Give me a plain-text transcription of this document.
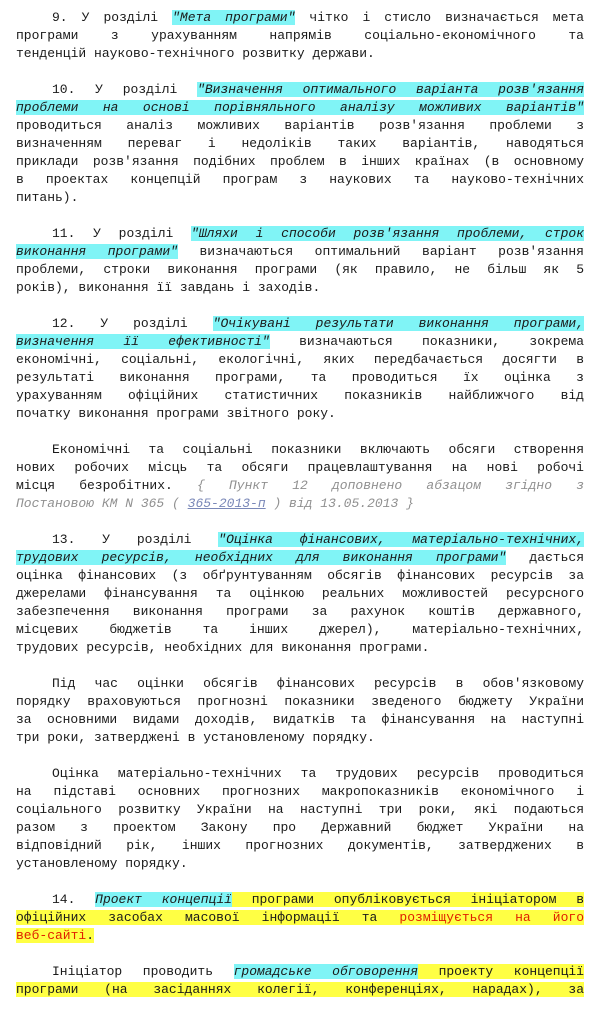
9. У розділі "Мета програми" чітко і стисло визначається мета
програми з урахуванням напрямів соціально-економічного та
тенденцій науково-технічного розвитку держави.
10. У розділі "Визначення оптимального варіанта розв'язання
проблеми на основі порівняльного аналізу можливих варіантів"
проводиться аналіз можливих варіантів розв'язання проблеми з
визначенням переваг і недоліків таких варіантів, наводяться
приклади розв'язання подібних проблем в інших країнах (в основному
в проектах концепцій програм з наукових та науково-технічних
питань).
11. У розділі "Шляхи і способи розв'язання проблеми, строк
виконання програми" визначаються оптимальний варіант розв'язання
проблеми, строки виконання програми (як правило, не більш як 5
років), виконання її завдань і заходів.
12. У розділі "Очікувані результати виконання програми,
визначення її ефективності" визначаються показники, зокрема
економічні, соціальні, екологічні, яких передбачається досягти в
результаті виконання програми, та проводиться їх оцінка з
урахуванням офіційних статистичних показників найближчого від
початку виконання програми звітного року.
Економічні та соціальні показники включають обсяги створення
нових робочих місць та обсяги працевлаштування на нові робочі
місця безробітних. { Пункт 12 доповнено абзацом згідно з
Постановою КМ N 365 ( 365-2013-п ) від 13.05.2013 }
13. У розділі "Оцінка фінансових, матеріально-технічних,
трудових ресурсів, необхідних для виконання програми" дається
оцінка фінансових (з обґрунтуванням обсягів фінансових ресурсів за
джерелами фінансування та оцінкою реальних можливостей ресурсного
забезпечення виконання програми за рахунок коштів державного,
місцевих бюджетів та інших джерел), матеріально-технічних,
трудових ресурсів, необхідних для виконання програми.
Під час оцінки обсягів фінансових ресурсів в обов'язковому
порядку враховуються прогнозні показники зведеного бюджету України
за основними видами доходів, видатків та фінансування на наступні
три роки, затверджені в установленому порядку.
Оцінка матеріально-технічних та трудових ресурсів проводиться
на підставі основних прогнозних макропоказників економічного і
соціального розвитку України на наступні три роки, які подаються
разом з проектом Закону про Державний бюджет України на
відповідний рік, інших прогнозних документів, затверджених в
установленому порядку.
14. Проект концепції програми опубліковується ініціатором в
офіційних засобах масової інформації та розміщується на його
веб-сайті.
Ініціатор проводить громадське обговорення проекту концепції
програми (на засіданнях колегії, конференціях, нарадах), за
